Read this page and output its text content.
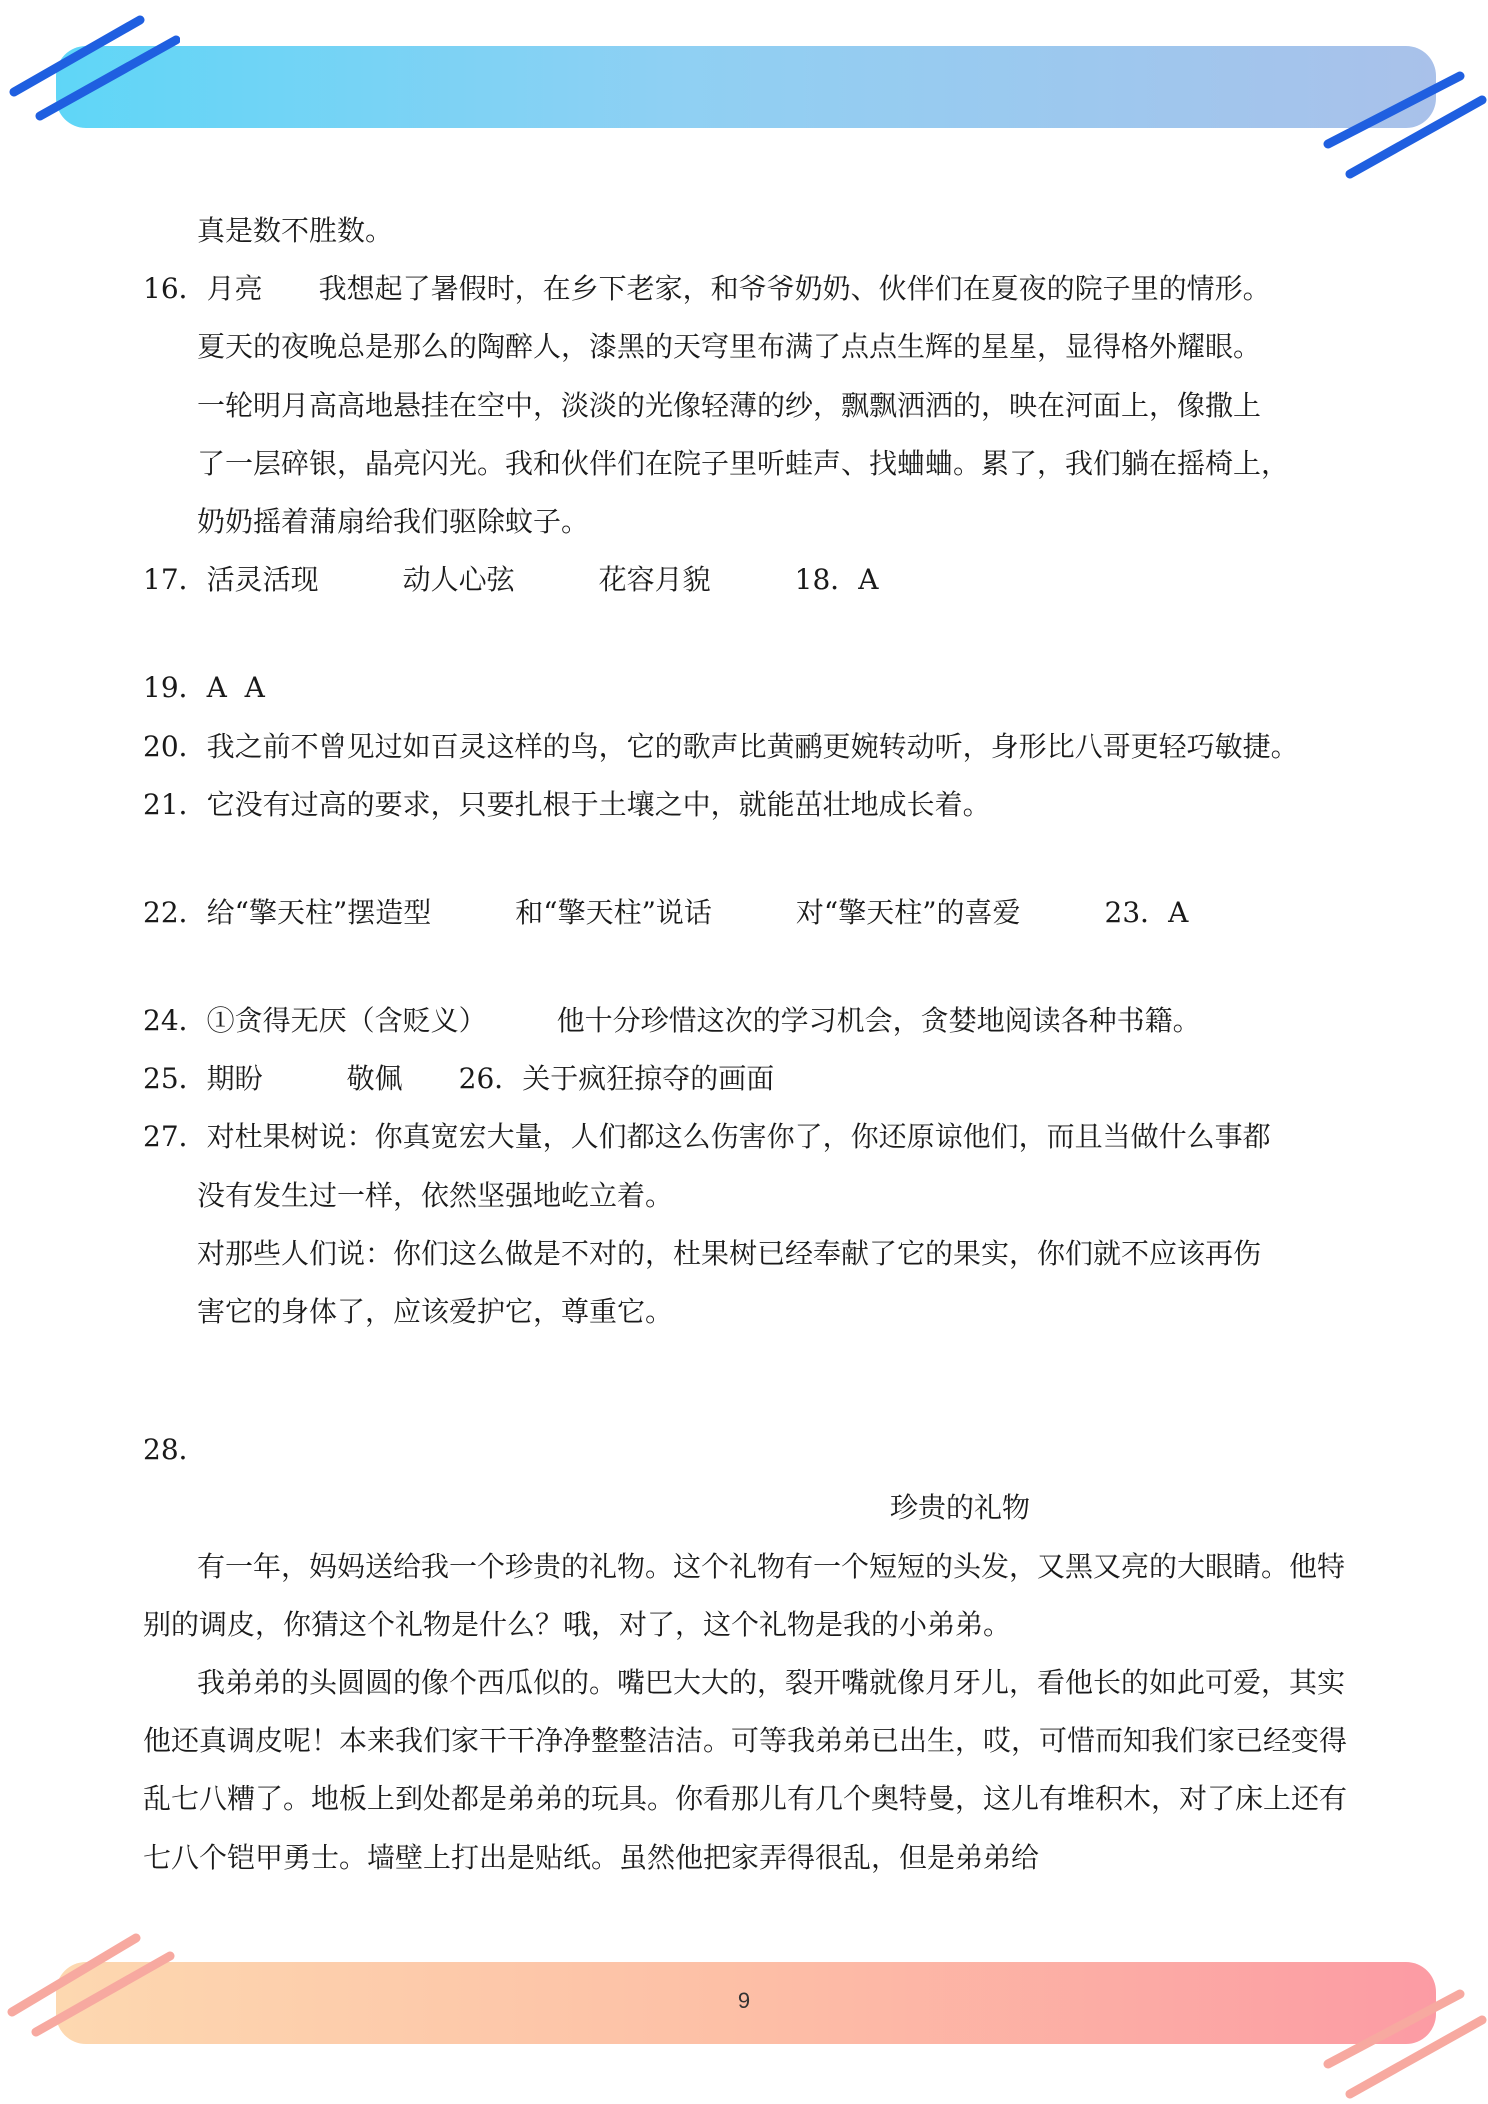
真是数不胜数。
16．月亮　　我想起了暑假时，在乡下老家，和爷爷奶奶、伙伴们在夏夜的院子里的情形。
夏天的夜晚总是那么的陶醉人，漆黑的天穹里布满了点点生辉的星星，显得格外耀眼。
一轮明月高高地悬挂在空中，淡淡的光像轻薄的纱，飘飘洒洒的，映在河面上，像撒上
了一层碎银，晶亮闪光。我和伙伴们在院子里听蛙声、找蛐蛐。累了，我们躺在摇椅上，
奶奶摇着蒲扇给我们驱除蚊子。
17．活灵活现　　　动人心弦　　　花容月貌　　　18．A
19．A  A
20．我之前不曾见过如百灵这样的鸟，它的歌声比黄鹂更婉转动听，身形比八哥更轻巧敏捷。
21．它没有过高的要求，只要扎根于土壤之中，就能茁壮地成长着。
22．给“擎天柱”摆造型　　　和“擎天柱”说话　　　对“擎天柱”的喜爱　　　23．A
24．①贪得无厌（含贬义）　　　他十分珍惜这次的学习机会，贪婪地阅读各种书籍。
25．期盼　　　敬佩　　26．关于疯狂掠夺的画面
27．对杜果树说：你真宽宏大量，人们都这么伤害你了，你还原谅他们，而且当做什么事都
没有发生过一样，依然坚强地屹立着。
对那些人们说：你们这么做是不对的，杜果树已经奉献了它的果实，你们就不应该再伤
害它的身体了，应该爱护它，尊重它。
28．
珍贵的礼物
有一年，妈妈送给我一个珍贵的礼物。这个礼物有一个短短的头发，又黑又亮的大眼睛。他特别的调皮，你猜这个礼物是什么？哦，对了，这个礼物是我的小弟弟。
我弟弟的头圆圆的像个西瓜似的。嘴巴大大的，裂开嘴就像月牙儿，看他长的如此可爱，其实他还真调皮呢！本来我们家干干净净整整洁洁。可等我弟弟已出生，哎，可惜而知我们家已经变得乱七八糟了。地板上到处都是弟弟的玩具。你看那儿有几个奥特曼，这儿有堆积木，对了床上还有七八个铠甲勇士。墙壁上打出是贴纸。虽然他把家弄得很乱，但是弟弟给
9
